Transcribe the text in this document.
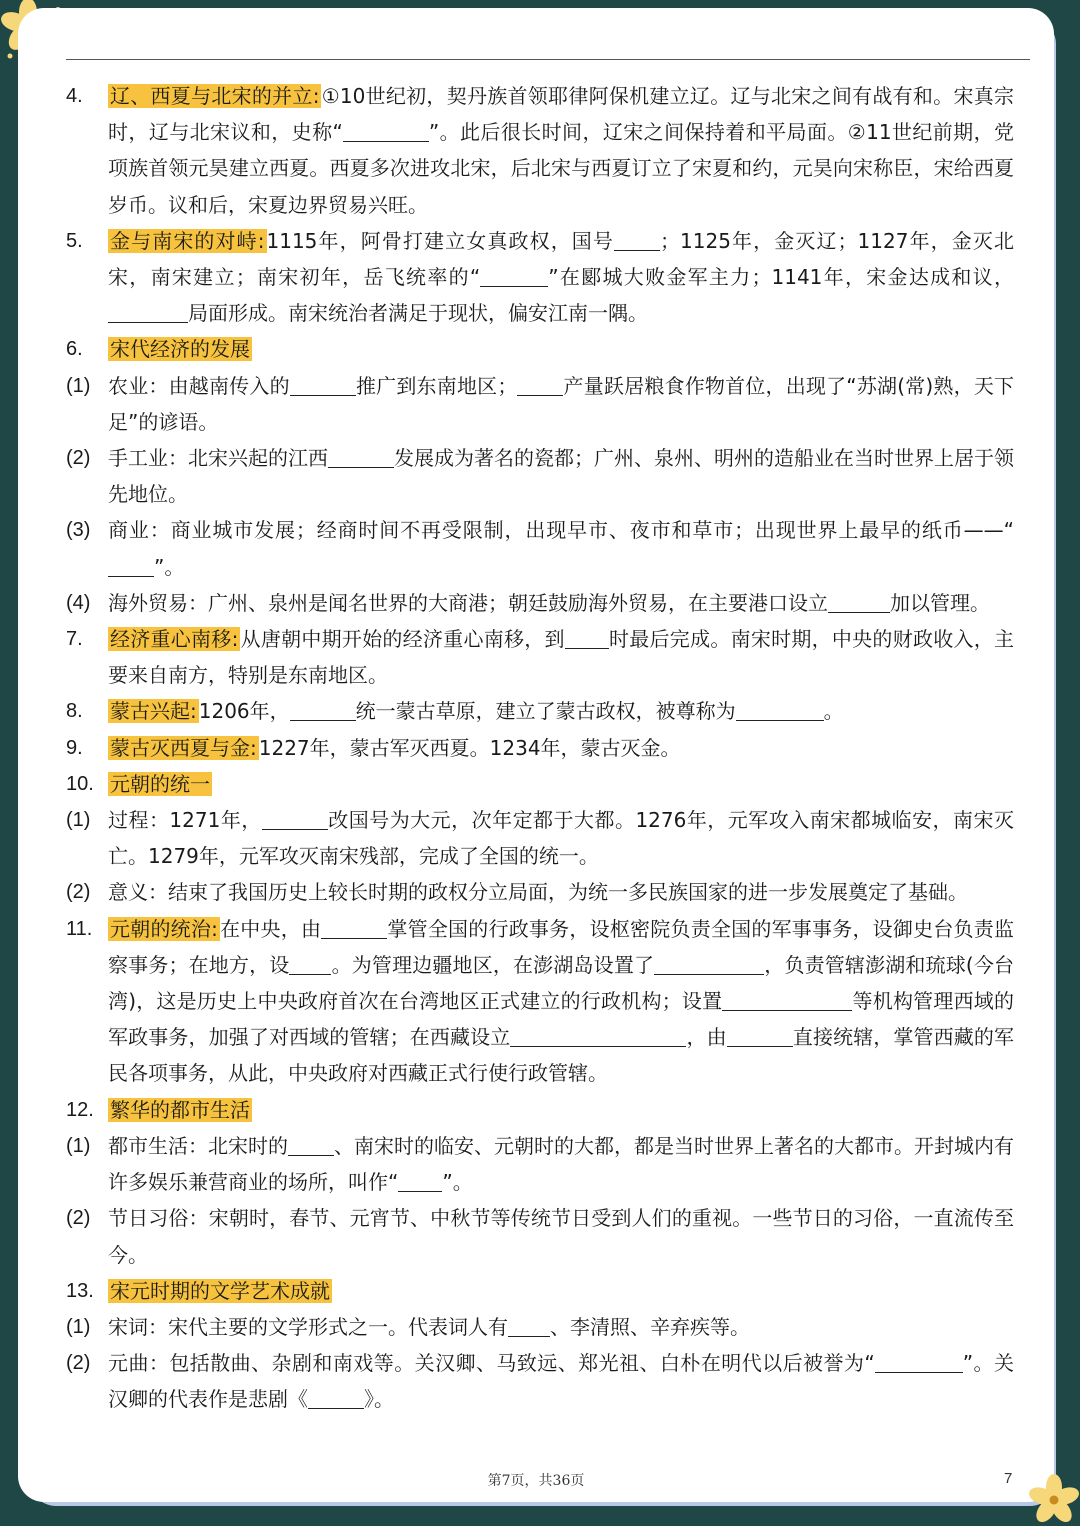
4.	辽、西夏与北宋的并立: ①10世纪初，契丹族首领耶律阿保机建立辽。辽与北宋之间有战有和。宋真宗时，辽与北宋议和，史称“	”。此后很长时间，辽宋之间保持着和平局面。②11世纪前期，党项族首领元昊建立西夏。西夏多次进攻北宋，后北宋与西夏订立了宋夏和约，元昊向宋称臣，宋给西夏岁币。议和后，宋夏边界贸易兴旺。
5.	金与南宋的对峙: 1115年，阿骨打建立女真政权，国号 ；1125年，金灭辽；1127年，金灭北宋，南宋建立；南宋初年，岳飞统率的“	”在郾城大败金军主力；1141年，宋金达成和议，局面形成。南宋统治者满足于现状，偏安江南一隅。
6.	宋代经济的发展
(1) 农业：由越南传入的	推广到东南地区； 产量跃居粮食作物首位，出现了“苏湖(常)熟，天下足”的谚语。
(2) 手工业：北宋兴起的江西	发展成为著名的瓷都；广州、泉州、明州的造船业在当时世界上居于领先地位。
(3) 商业：商业城市发展；经商时间不再受限制，出现早市、夜市和草市；出现世界上最早的纸币——“”。
(4) 海外贸易：广州、泉州是闻名世界的大商港；朝廷鼓励海外贸易，在主要港口设立	加以管理。
7.	经济重心南移: 从唐朝中期开始的经济重心南移，到 时最后完成。南宋时期，中央的财政收入，主要来自南方，特别是东南地区。
8.	蒙古兴起: 1206年，	统一蒙古草原，建立了蒙古政权，被尊称为	。
9.	蒙古灭西夏与金: 1227年，蒙古军灭西夏。1234年，蒙古灭金。
10. 元朝的统一
(1) 过程：1271年，	改国号为大元，次年定都于大都。1276年，元军攻入南宋都城临安，南宋灭亡。1279年，元军攻灭南宋残部，完成了全国的统一。
(2) 意义：结束了我国历史上较长时期的政权分立局面，为统一多民族国家的进一步发展奠定了基础。
11. 元朝的统治: 在中央，由	掌管全国的行政事务，设枢密院负责全国的军事事务，设御史台负责监察事务；在地方，设 。为管理边疆地区，在澎湖岛设置了	，负责管辖澎湖和琉球(今台湾)，这是历史上中央政府首次在台湾地区正式建立的行政机构；设置	等机构管理西域的军政事务，加强了对西域的管辖；在西藏设立	，由	直接统辖，掌管西藏的军民各项事务，从此，中央政府对西藏正式行使行政管辖。
12. 繁华的都市生活
(1) 都市生活：北宋时的 、南宋时的临安、元朝时的大都，都是当时世界上著名的大都市。开封城内有许多娱乐兼营商业的场所，叫作“ ”。
(2) 节日习俗：宋朝时，春节、元宵节、中秋节等传统节日受到人们的重视。一些节日的习俗，一直流传至今。
13. 宋元时期的文学艺术成就
(1) 宋词：宋代主要的文学形式之一。代表词人有 、李清照、辛弃疾等。
(2) 元曲：包括散曲、杂剧和南戏等。关汉卿、马致远、郑光祖、白朴在明代以后被誉为“	”。关汉卿的代表作是悲剧《	》。
第7页，共36页	7
